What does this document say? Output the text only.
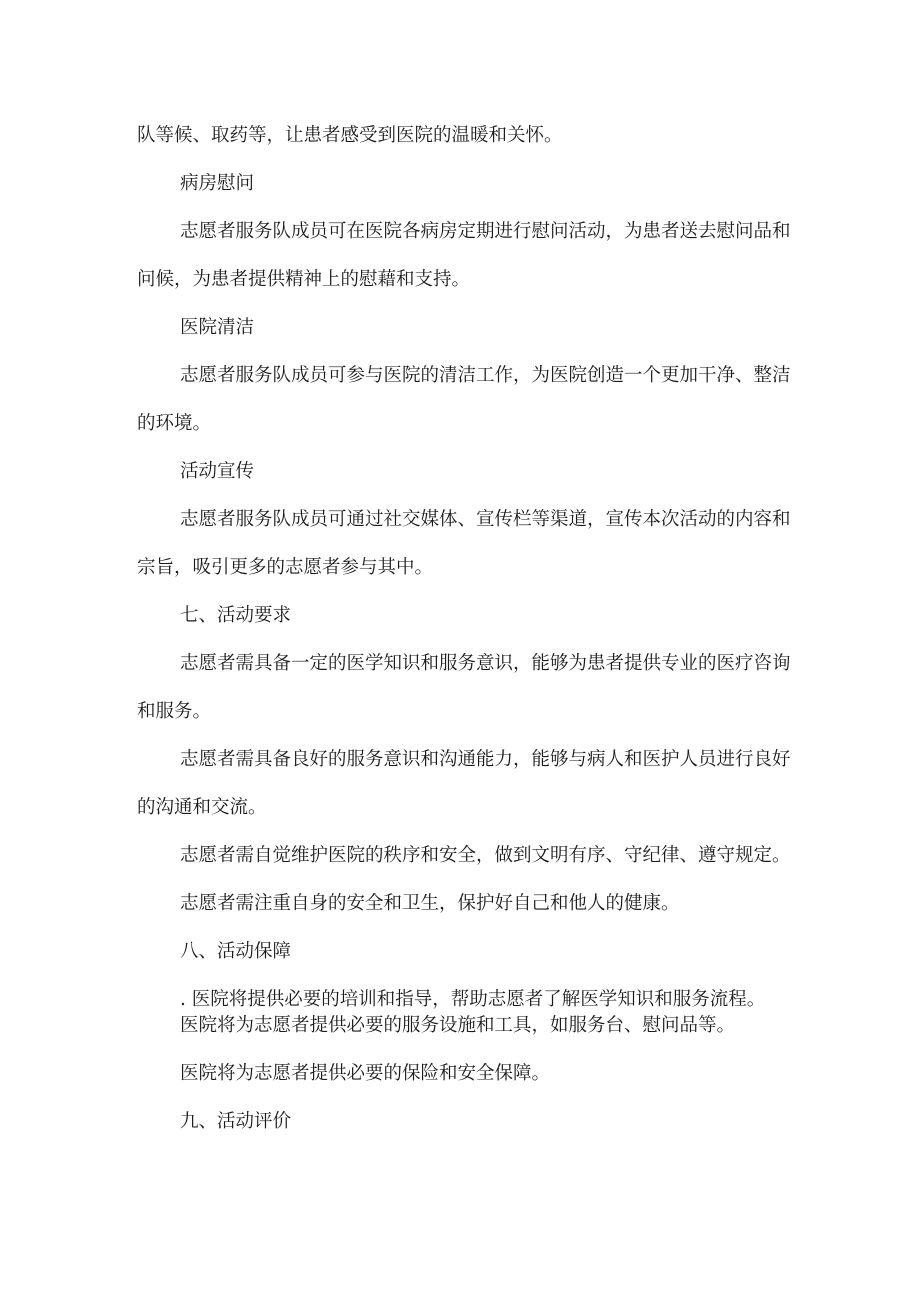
队等候、取药等，让患者感受到医院的温暖和关怀。
病房慰问
志愿者服务队成员可在医院各病房定期进行慰问活动，为患者送去慰问品和
问候，为患者提供精神上的慰藉和支持。
医院清洁
志愿者服务队成员可参与医院的清洁工作，为医院创造一个更加干净、整洁
的环境。
活动宣传
志愿者服务队成员可通过社交媒体、宣传栏等渠道，宣传本次活动的内容和
宗旨，吸引更多的志愿者参与其中。
七、活动要求
志愿者需具备一定的医学知识和服务意识，能够为患者提供专业的医疗咨询
和服务。
志愿者需具备良好的服务意识和沟通能力，能够与病人和医护人员进行良好
的沟通和交流。
志愿者需自觉维护医院的秩序和安全，做到文明有序、守纪律、遵守规定。
志愿者需注重自身的安全和卫生，保护好自己和他人的健康。
八、活动保障
. 医院将提供必要的培训和指导，帮助志愿者了解医学知识和服务流程。
医院将为志愿者提供必要的服务设施和工具，如服务台、慰问品等。
医院将为志愿者提供必要的保险和安全保障。
九、活动评价
